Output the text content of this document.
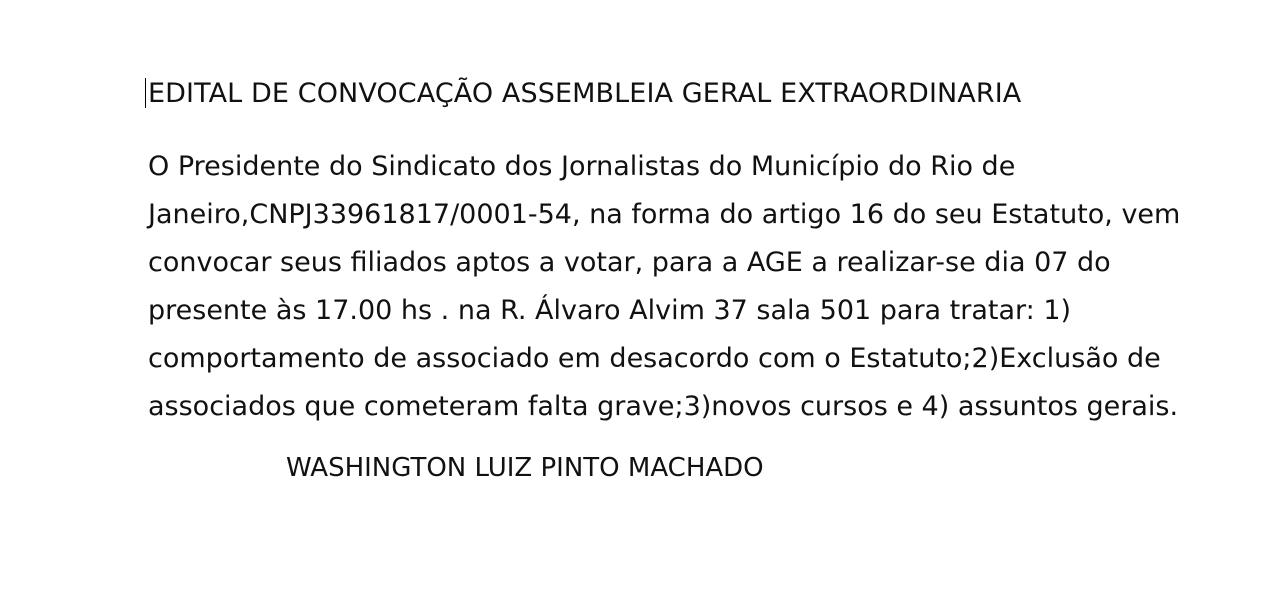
EDITAL DE CONVOCAÇÃO ASSEMBLEIA GERAL EXTRAORDINARIA
O Presidente do Sindicato dos Jornalistas do Município do Rio de Janeiro,CNPJ33961817/0001-54, na forma do artigo 16 do seu Estatuto, vem convocar seus filiados aptos a votar, para a AGE a realizar-se dia 07 do presente às 17.00 hs . na R. Álvaro Alvim 37 sala 501 para tratar: 1) comportamento de associado em desacordo com o Estatuto;2)Exclusão de associados que cometeram falta grave;3)novos cursos e 4) assuntos gerais.
WASHINGTON LUIZ PINTO MACHADO
